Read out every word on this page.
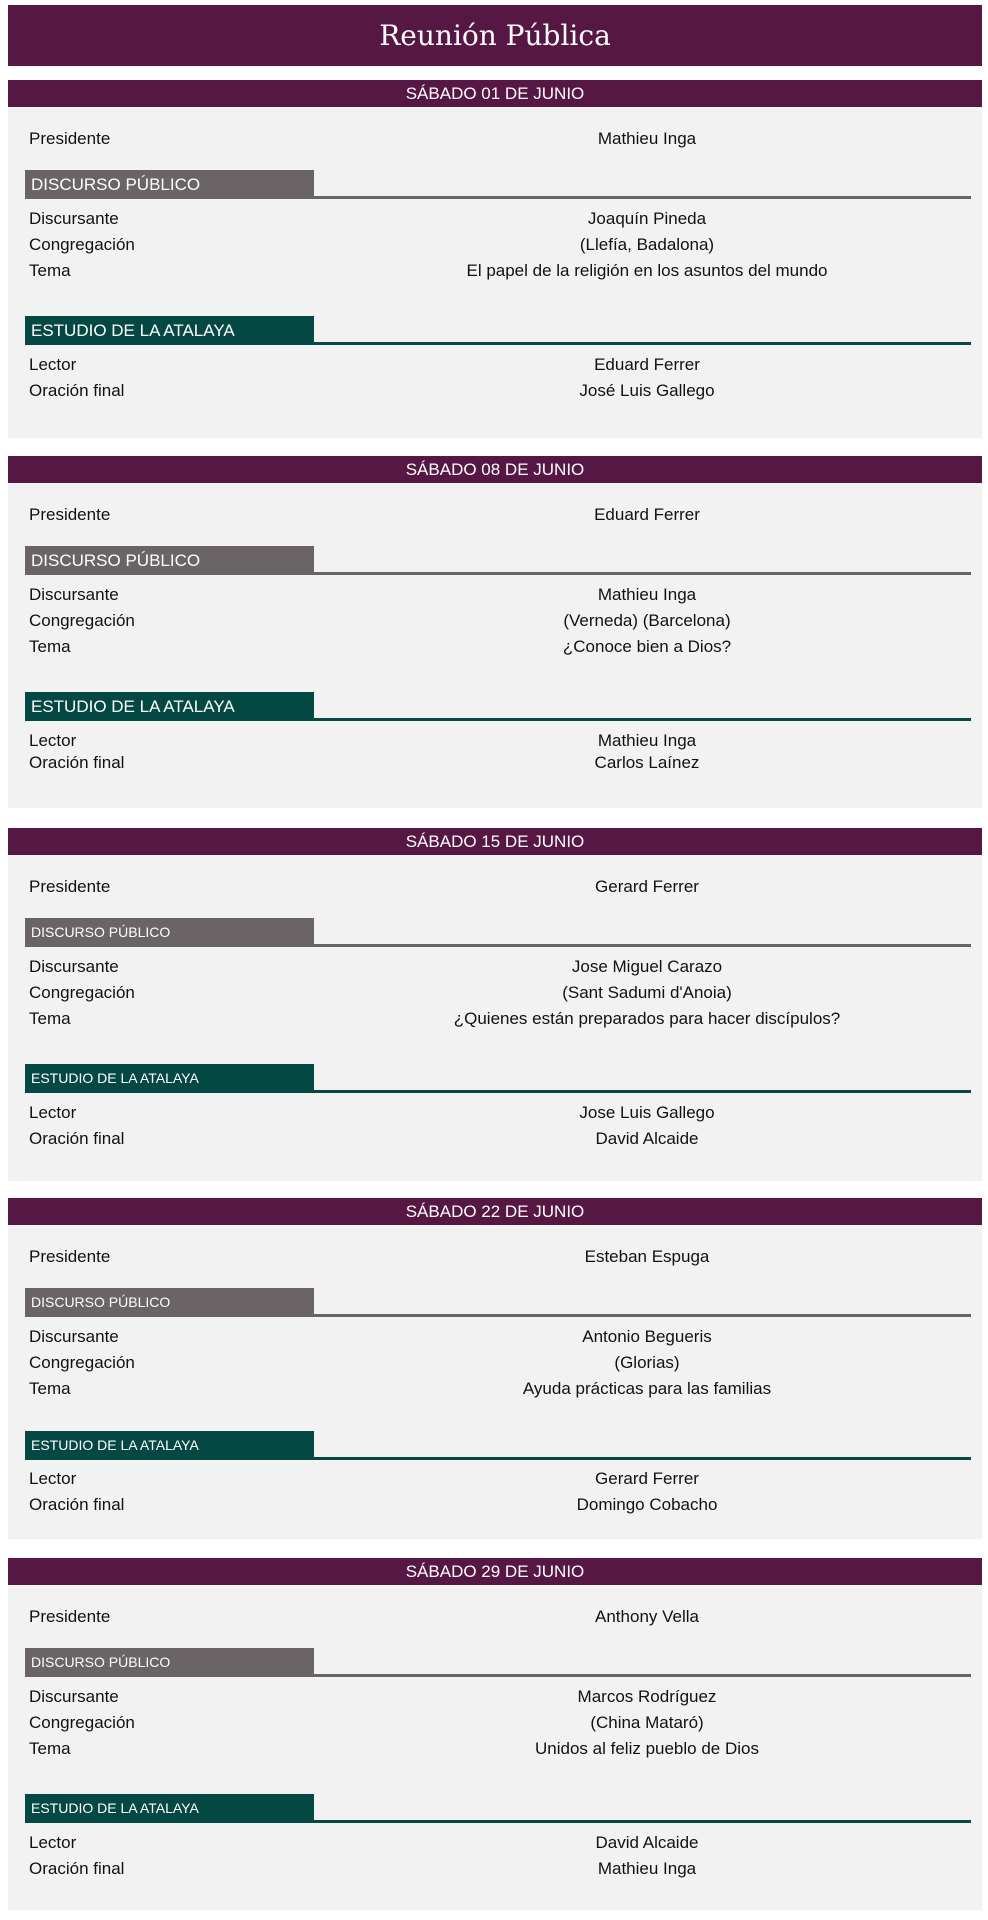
Reunión Pública
SÁBADO 01 DE JUNIO
Presidente	Mathieu Inga
DISCURSO PÚBLICO
Discursante	Joaquín Pineda
Congregación	(Llefía, Badalona)
Tema	El papel de la religión en los asuntos del mundo
ESTUDIO DE LA ATALAYA
Lector	Eduard Ferrer
Oración final	José Luis Gallego
SÁBADO 08 DE JUNIO
Presidente	Eduard Ferrer
DISCURSO PÚBLICO
Discursante	Mathieu Inga
Congregación	(Verneda) (Barcelona)
Tema	¿Conoce bien a Dios?
ESTUDIO DE LA ATALAYA
Lector	Mathieu Inga
Oración final	Carlos Laínez
SÁBADO 15 DE JUNIO
Presidente	Gerard Ferrer
DISCURSO PÚBLICO
Discursante	Jose Miguel Carazo
Congregación	(Sant Sadumi d'Anoia)
Tema	¿Quienes están preparados para hacer discípulos?
ESTUDIO DE LA ATALAYA
Lector	Jose Luis Gallego
Oración final	David Alcaide
SÁBADO 22 DE JUNIO
Presidente	Esteban Espuga
DISCURSO PÚBLICO
Discursante	Antonio Begueris
Congregación	(Glorias)
Tema	Ayuda prácticas para las familias
ESTUDIO DE LA ATALAYA
Lector	Gerard Ferrer
Oración final	Domingo Cobacho
SÁBADO 29 DE JUNIO
Presidente	Anthony Vella
DISCURSO PÚBLICO
Discursante	Marcos Rodríguez
Congregación	(China Mataró)
Tema	Unidos al feliz pueblo de Dios
ESTUDIO DE LA ATALAYA
Lector	David Alcaide
Oración final	Mathieu Inga
